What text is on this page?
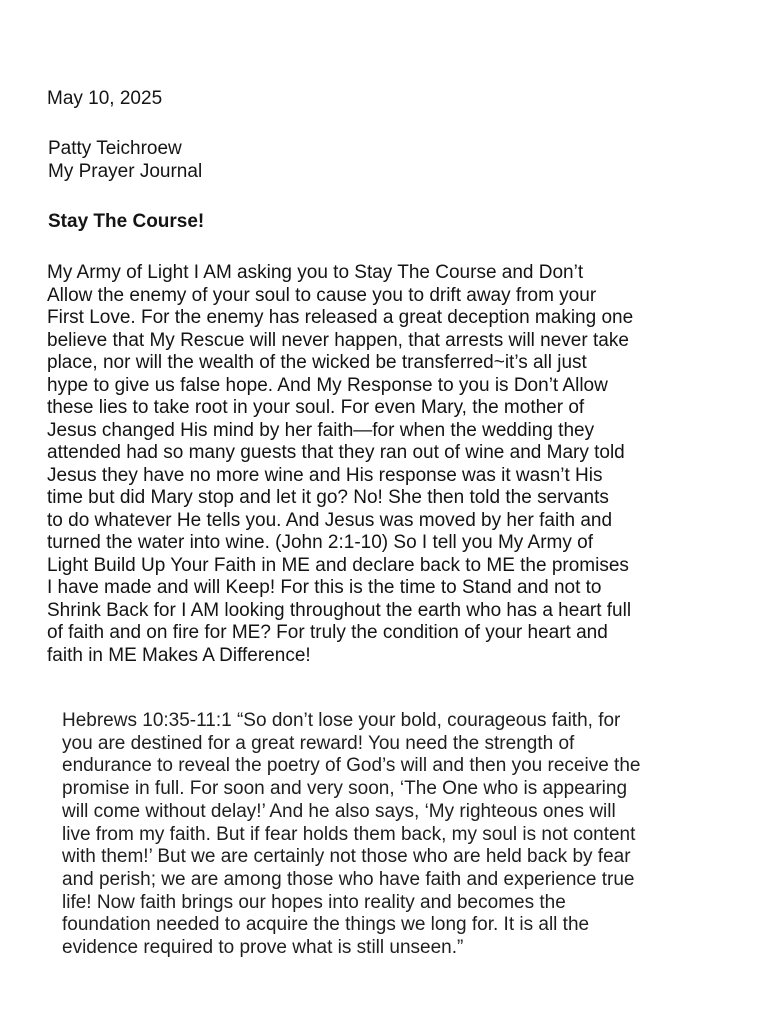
May 10, 2025
Patty Teichroew
My Prayer Journal
Stay The Course!
My Army of Light I AM asking you to Stay The Course and Don’t
Allow the enemy of your soul to cause you to drift away from your
First Love. For the enemy has released a great deception making one
believe that My Rescue will never happen, that arrests will never take
place, nor will the wealth of the wicked be transferred~it’s all just
hype to give us false hope. And My Response to you is Don’t Allow
these lies to take root in your soul. For even Mary, the mother of
Jesus changed His mind by her faith—for when the wedding they
attended had so many guests that they ran out of wine and Mary told
Jesus they have no more wine and His response was it wasn’t His
time but did Mary stop and let it go? No! She then told the servants
to do whatever He tells you. And Jesus was moved by her faith and
turned the water into wine. (John 2:1-10) So I tell you My Army of
Light Build Up Your Faith in ME and declare back to ME the promises
I have made and will Keep! For this is the time to Stand and not to
Shrink Back for I AM looking throughout the earth who has a heart full
of faith and on fire for ME? For truly the condition of your heart and
faith in ME Makes A Difference!
Hebrews 10:35-11:1 “So don’t lose your bold, courageous faith, for
you are destined for a great reward! You need the strength of
endurance to reveal the poetry of God’s will and then you receive the
promise in full. For soon and very soon, ‘The One who is appearing
will come without delay!’ And he also says, ‘My righteous ones will
live from my faith. But if fear holds them back, my soul is not content
with them!’ But we are certainly not those who are held back by fear
and perish; we are among those who have faith and experience true
life! Now faith brings our hopes into reality and becomes the
foundation needed to acquire the things we long for. It is all the
evidence required to prove what is still unseen.”
